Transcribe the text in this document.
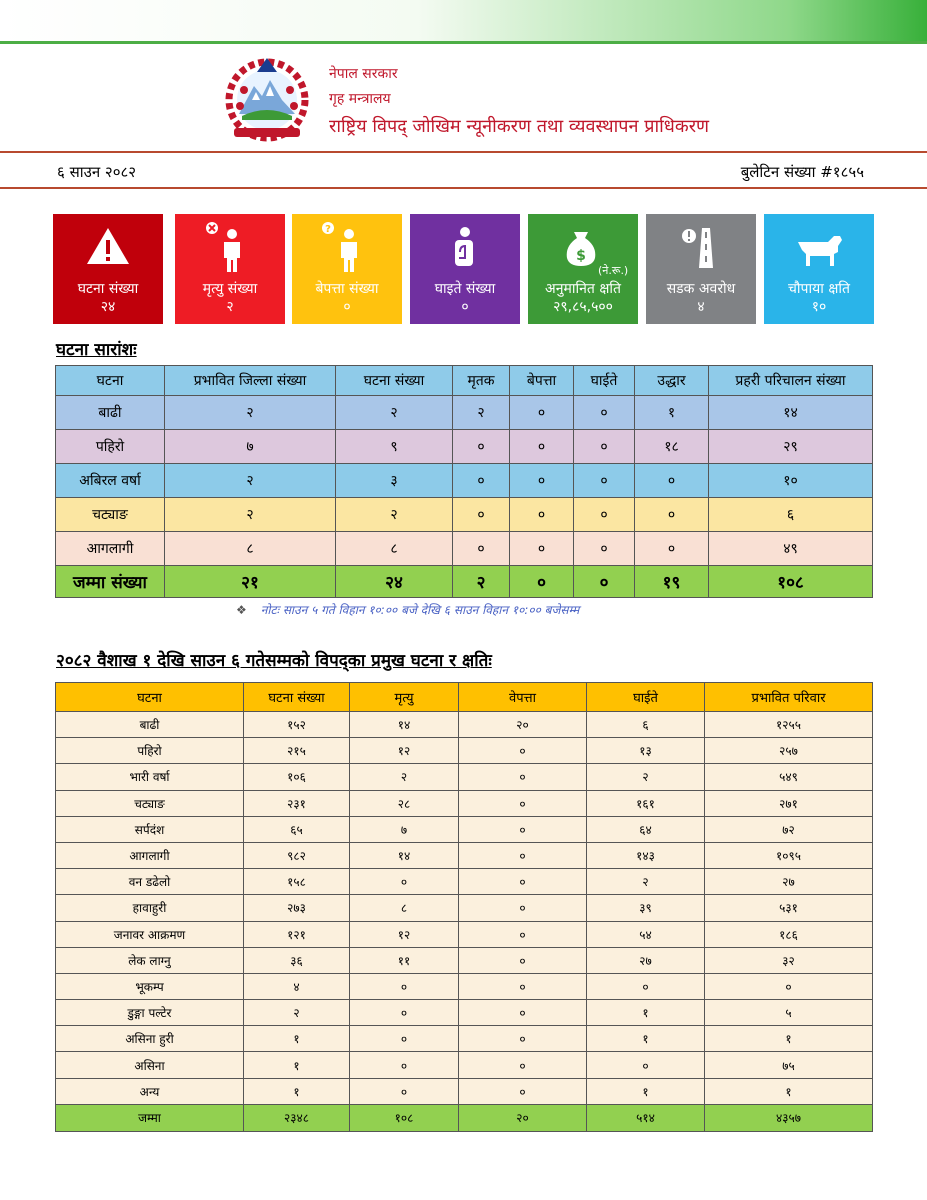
नेपाल सरकार
गृह मन्त्रालय
राष्ट्रिय विपद् जोखिम न्यूनीकरण तथा व्यवस्थापन प्राधिकरण
६ साउन २०८२	बुलेटिन संख्या #१८५५
घटना संख्या
२४
मृत्यु संख्या
२
?
बेपत्ता संख्या
०
घाइते संख्या
०
$
(ने.रू.)
अनुमानित क्षति
२९,८५,५००
सडक अवरोध
४
चौपाया क्षति
१०
घटना सारांशः
घटना	प्रभावित जिल्ला संख्या	घटना संख्या	मृतक	बेपत्ता	घाईते	उद्धार	प्रहरी परिचालन संख्या
बाढी	२	२	२	०	०	१	१४
पहिरो	७	९	०	०	०	१८	२९
अबिरल वर्षा	२	३	०	०	०	०	१०
चट्याङ	२	२	०	०	०	०	६
आगलागी	८	८	०	०	०	०	४९
जम्मा संख्या	२१	२४	२	०	०	१९	१०८
❖ नोटः साउन ५ गते विहान १०:०० बजे देखि ६ साउन विहान १०:०० बजेसम्म
२०८२ वैशाख १ देखि साउन ६ गतेसम्मको विपद्का प्रमुख घटना र क्षतिः
घटना	घटना संख्या	मृत्यु	वेपत्ता	घाईते	प्रभावित परिवार
बाढी	१५२	१४	२०	६	१२५५
पहिरो	२१५	१२	०	१३	२५७
भारी वर्षा	१०६	२	०	२	५४९
चट्याङ	२३१	२८	०	१६१	२७१
सर्पदंश	६५	७	०	६४	७२
आगलागी	९८२	१४	०	१४३	१०९५
वन डढेलो	१५८	०	०	२	२७
हावाहुरी	२७३	८	०	३९	५३१
जनावर आक्रमण	१२१	१२	०	५४	१८६
लेक लाग्नु	३६	११	०	२७	३२
भूकम्प	४	०	०	०	०
डुङ्गा पल्टेर	२	०	०	१	५
असिना हुरी	१	०	०	१	१
असिना	१	०	०	०	७५
अन्य	१	०	०	१	१
जम्मा	२३४८	१०८	२०	५१४	४३५७
